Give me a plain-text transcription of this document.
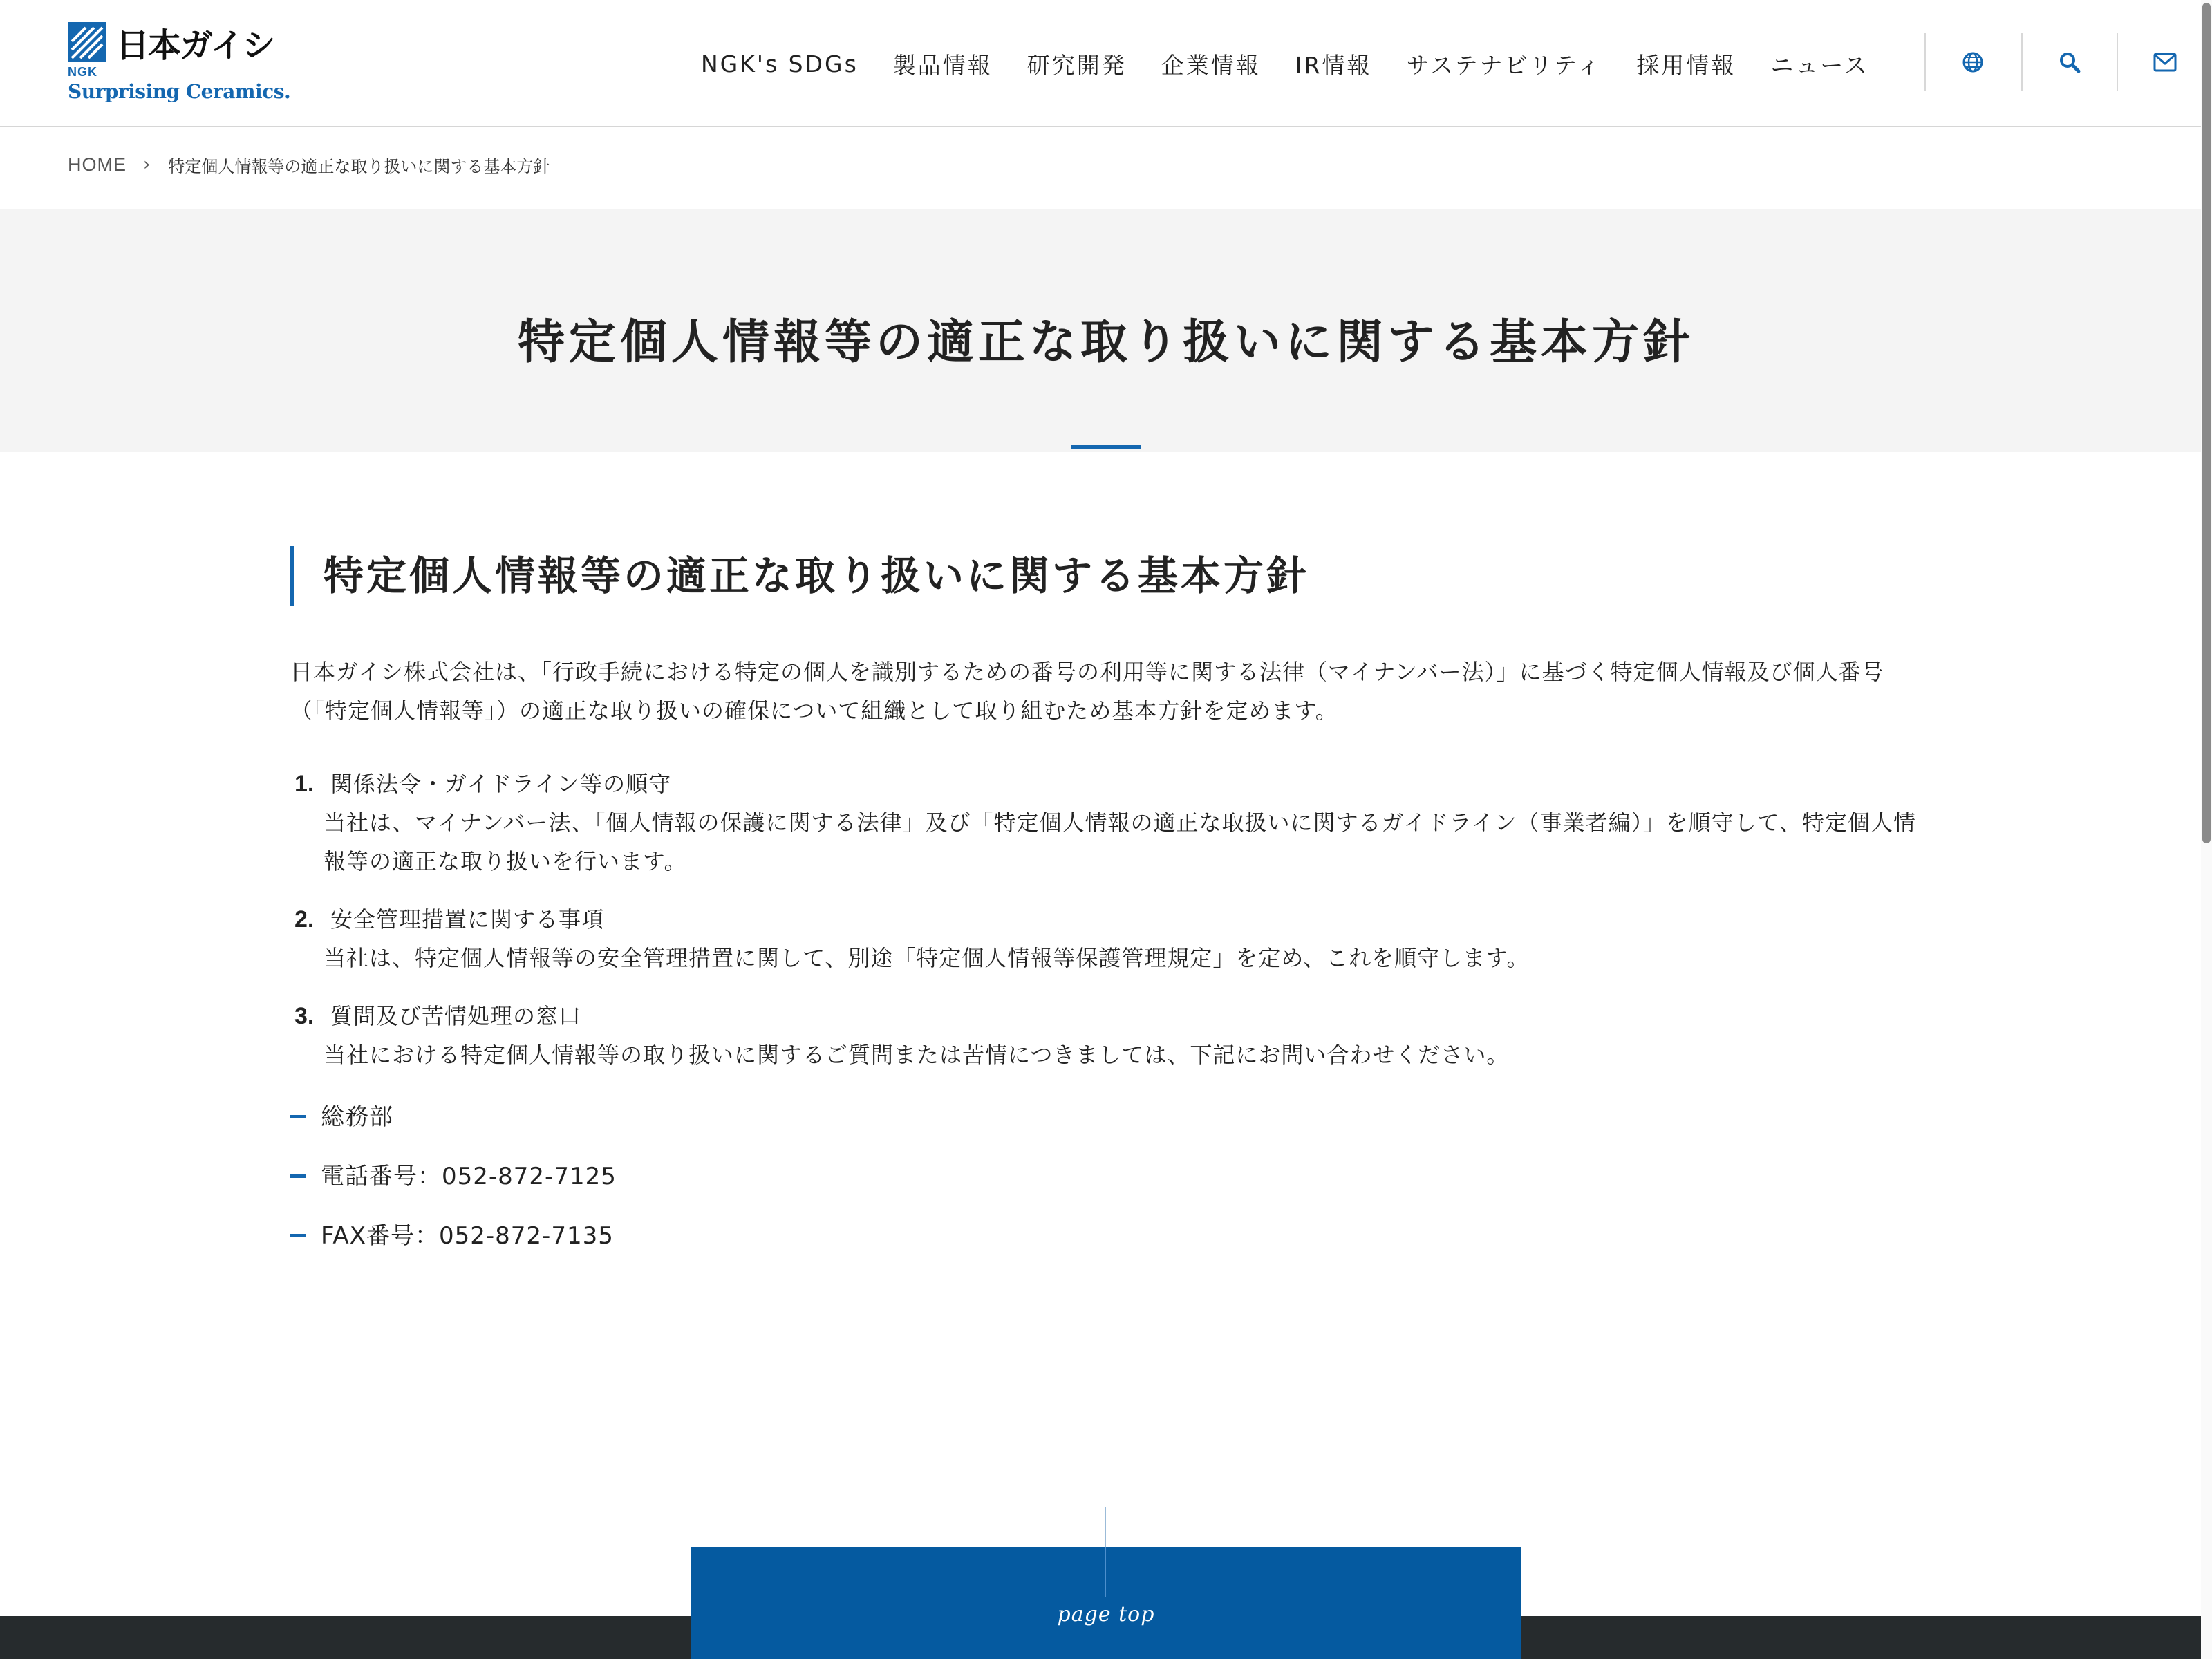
日本ガイシ
NGK
Surprising Ceramics.
NGK's SDGs 製品情報 研究開発 企業情報 IR情報 サステナビリティ 採用情報 ニュース
HOME › 特定個人情報等の適正な取り扱いに関する基本方針
特定個人情報等の適正な取り扱いに関する基本方針
特定個人情報等の適正な取り扱いに関する基本方針

日本ガイシ株式会社は、「行政手続における特定の個人を識別するための番号の利用等に関する法律（マイナンバー法）」に基づく特定個人情報及び個人番号（「特定個人情報等」）の適正な取り扱いの確保について組織として取り組むため基本方針を定めます。

1. 関係法令・ガイドライン等の順守
当社は、マイナンバー法、「個人情報の保護に関する法律」及び「特定個人情報の適正な取扱いに関するガイドライン（事業者編）」を順守して、特定個人情報等の適正な取り扱いを行います。
2. 安全管理措置に関する事項
当社は、特定個人情報等の安全管理措置に関して、別途「特定個人情報等保護管理規定」を定め、これを順守します。
3. 質問及び苦情処理の窓口
当社における特定個人情報等の取り扱いに関するご質問または苦情につきましては、下記にお問い合わせください。
総務部
電話番号：052-872-7125
FAX番号：052-872-7135
page top
